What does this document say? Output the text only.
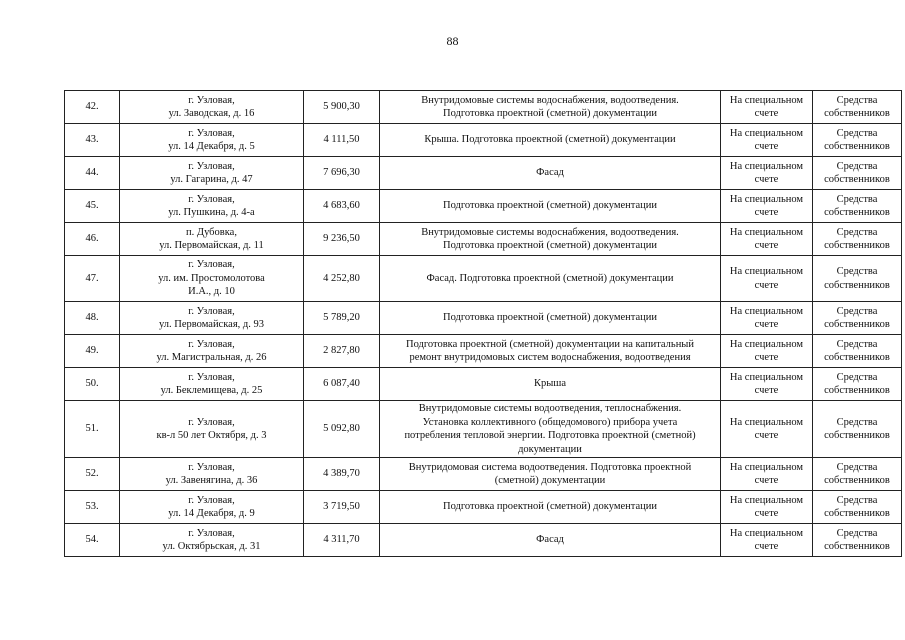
88
42.	г. Узловая,
ул. Заводская, д. 16	5 900,30	Внутридомовые системы водоснабжения, водоотведения.
Подготовка проектной (сметной) документации	На специальном
счете	Средства
собственников

43.	г. Узловая,
ул. 14 Декабря, д. 5	4 111,50	Крыша. Подготовка проектной (сметной) документации	На специальном
счете	Средства
собственников

44.	г. Узловая,
ул. Гагарина, д. 47	7 696,30	Фасад	На специальном
счете	Средства
собственников

45.	г. Узловая,
ул. Пушкина, д. 4-а	4 683,60	Подготовка проектной (сметной) документации	На специальном
счете	Средства
собственников

46.	п. Дубовка,
ул. Первомайская, д. 11	9 236,50	Внутридомовые системы водоснабжения, водоотведения.
Подготовка проектной (сметной) документации	На специальном
счете	Средства
собственников

47.	г. Узловая,
ул. им. Простомолотова
И.А., д. 10	4 252,80	Фасад. Подготовка проектной (сметной) документации	На специальном
счете	Средства
собственников

48.	г. Узловая,
ул. Первомайская, д. 93	5 789,20	Подготовка проектной (сметной) документации	На специальном
счете	Средства
собственников

49.	г. Узловая,
ул. Магистральная, д. 26	2 827,80	Подготовка проектной (сметной) документации на капитальный
ремонт внутридомовых систем водоснабжения, водоотведения	На специальном
счете	Средства
собственников

50.	г. Узловая,
ул. Беклемищева, д. 25	6 087,40	Крыша	На специальном
счете	Средства
собственников

51.	г. Узловая,
кв-л 50 лет Октября, д. 3	5 092,80	Внутридомовые системы водоотведения, теплоснабжения.
Установка коллективного (общедомового) прибора учета
потребления тепловой энергии. Подготовка проектной (сметной)
документации	На специальном
счете	Средства
собственников

52.	г. Узловая,
ул. Завенягина, д. 36	4 389,70	Внутридомовая система водоотведения. Подготовка проектной
(сметной) документации	На специальном
счете	Средства
собственников

53.	г. Узловая,
ул. 14 Декабря, д. 9	3 719,50	Подготовка проектной (сметной) документации	На специальном
счете	Средства
собственников

54.	г. Узловая,
ул. Октябрьская, д. 31	4 311,70	Фасад	На специальном
счете	Средства
собственников
